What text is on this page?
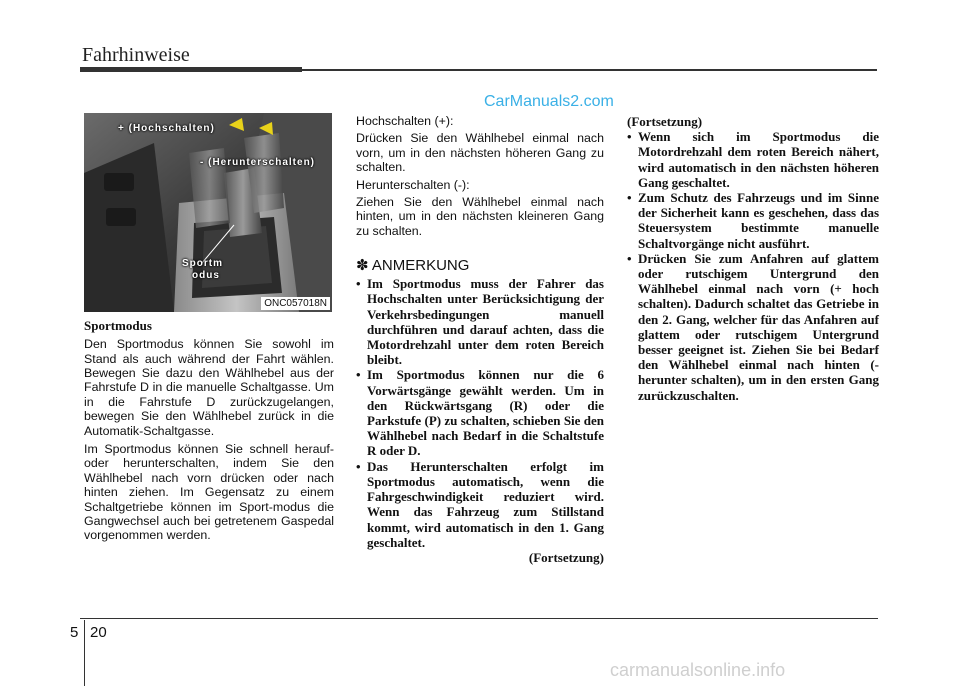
Fahrhinweise
CarManuals2.com
+ (Hochschalten)
- (Herunterschalten)
Sportm
odus
ONC057018N

Sportmodus

Den Sportmodus können Sie sowohl im Stand als auch während der Fahrt wählen. Bewegen Sie dazu den Wählhebel aus der Fahrstufe D in die manuelle Schaltgasse. Um in die Fahrstufe D zurückzugelangen, bewegen Sie den Wählhebel zurück in die Automatik-Schaltgasse.

Im Sportmodus können Sie schnell herauf- oder herunterschalten, indem Sie den Wählhebel nach vorn drücken oder nach hinten ziehen. Im Gegensatz zu einem Schaltgetriebe können im Sport-modus die Gangwechsel auch bei getretenem Gaspedal vorgenommen werden.

Hochschalten (+):

Drücken Sie den Wählhebel einmal nach vorn, um in den nächsten höheren Gang zu schalten.

Herunterschalten (-):

Ziehen Sie den Wählhebel einmal nach hinten, um in den nächsten kleineren Gang zu schalten.

✽ ANMERKUNG

• Im Sportmodus muss der Fahrer das Hochschalten unter Berücksichtigung der Verkehrsbedingungen manuell durchführen und darauf achten, dass die Motordrehzahl unter dem roten Bereich bleibt.

• Im Sportmodus können nur die 6 Vorwärtsgänge gewählt werden. Um in den Rückwärtsgang (R) oder die Parkstufe (P) zu schalten, schieben Sie den Wählhebel nach Bedarf in die Schaltstufe R oder D.

• Das Herunterschalten erfolgt im Sportmodus automatisch, wenn die Fahrgeschwindigkeit reduziert wird. Wenn das Fahrzeug zum Stillstand kommt, wird automatisch in den 1. Gang geschaltet.

(Fortsetzung)

(Fortsetzung)

• Wenn sich im Sportmodus die Motordrehzahl dem roten Bereich nähert, wird automatisch in den nächsten höheren Gang geschaltet.

• Zum Schutz des Fahrzeugs und im Sinne der Sicherheit kann es geschehen, dass das Steuersystem bestimmte manuelle Schaltvorgänge nicht ausführt.

• Drücken Sie zum Anfahren auf glattem oder rutschigem Untergrund den Wählhebel einmal nach vorn (+ hoch schalten). Dadurch schaltet das Getriebe in den 2. Gang, welcher für das Anfahren auf glattem oder rutschigem Untergrund besser geeignet ist. Ziehen Sie bei Bedarf den Wählhebel einmal nach hinten (- herunter schalten), um in den ersten Gang zurückzuschalten.

5 20
carmanualsonline.info
